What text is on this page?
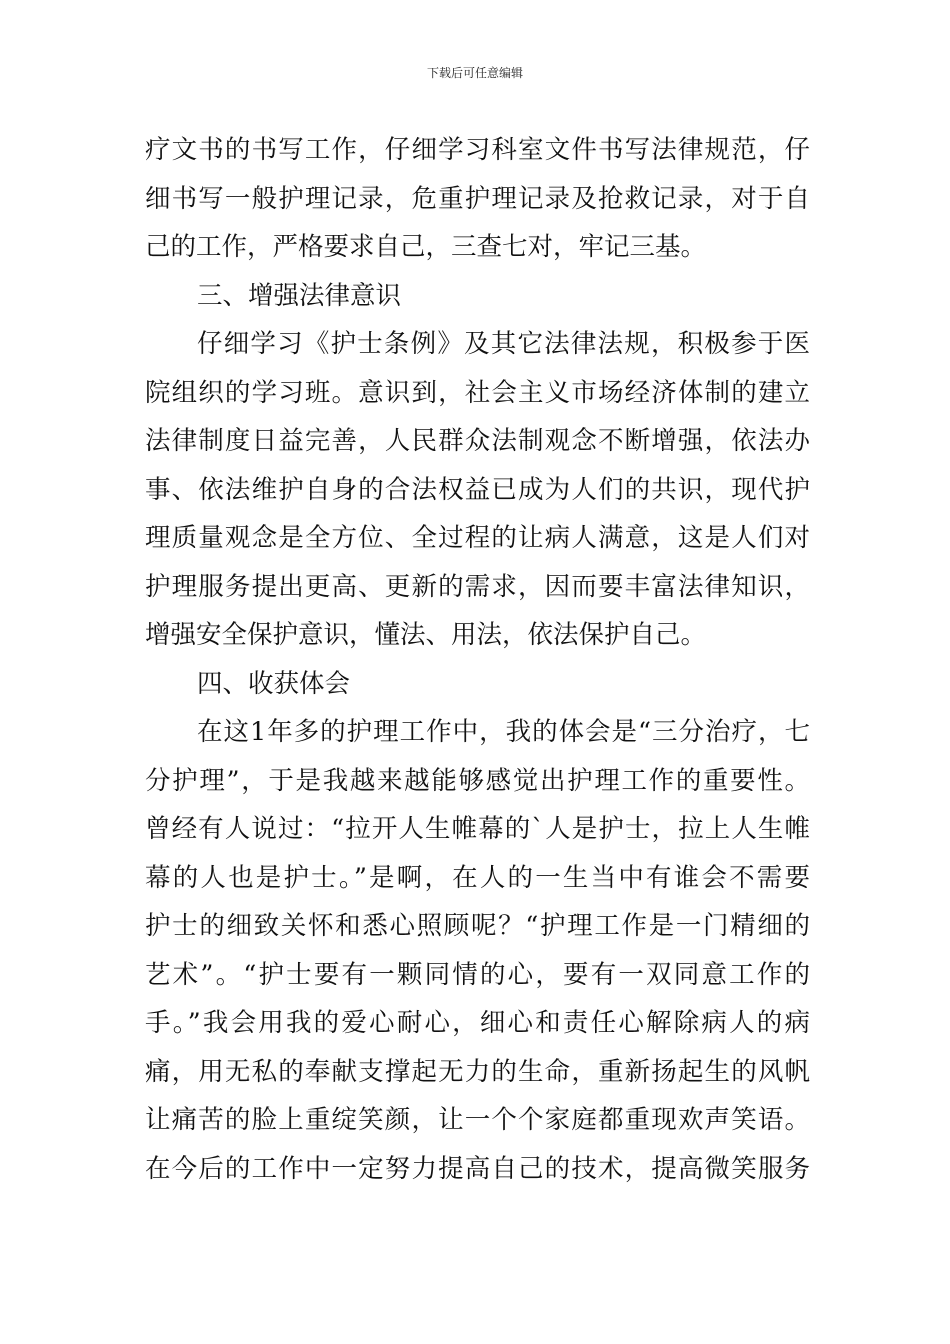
下载后可任意编辑
疗文书的书写工作，仔细学习科室文件书写法律规范，仔
细书写一般护理记录，危重护理记录及抢救记录，对于自
己的工作，严格要求自己，三查七对，牢记三基。
三、增强法律意识
仔细学习《护士条例》及其它法律法规，积极参于医
院组织的学习班。意识到，社会主义市场经济体制的建立
法律制度日益完善，人民群众法制观念不断增强，依法办
事、依法维护自身的合法权益已成为人们的共识，现代护
理质量观念是全方位、全过程的让病人满意，这是人们对
护理服务提出更高、更新的需求，因而要丰富法律知识，
增强安全保护意识，懂法、用法，依法保护自己。
四、收获体会
在这1年多的护理工作中，我的体会是“三分治疗，七
分护理”，于是我越来越能够感觉出护理工作的重要性。
曾经有人说过：“拉开人生帷幕的`人是护士，拉上人生帷
幕的人也是护士。”是啊，在人的一生当中有谁会不需要
护士的细致关怀和悉心照顾呢？“护理工作是一门精细的
艺术”。“护士要有一颗同情的心，要有一双同意工作的
手。”我会用我的爱心耐心，细心和责任心解除病人的病
痛，用无私的奉献支撑起无力的生命，重新扬起生的风帆
让痛苦的脸上重绽笑颜，让一个个家庭都重现欢声笑语。
在今后的工作中一定努力提高自己的技术，提高微笑服务
